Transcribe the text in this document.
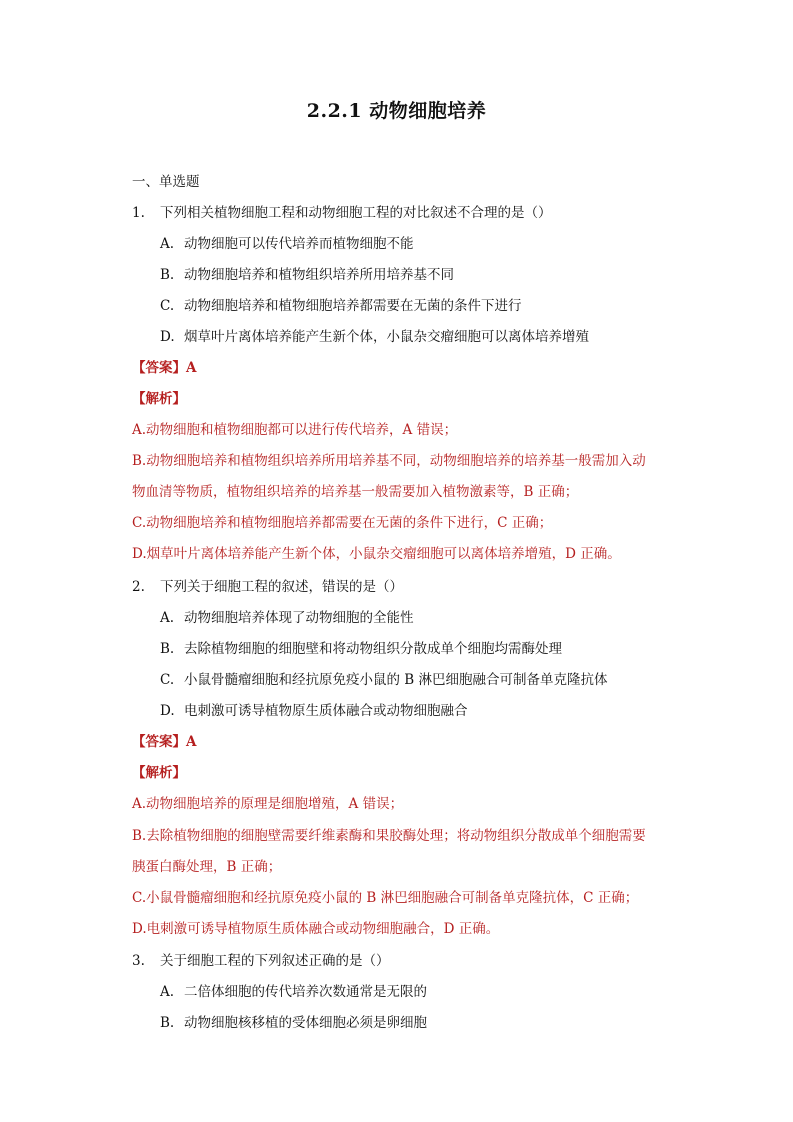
2.2.1 动物细胞培养
一、单选题
1. 下列相关植物细胞工程和动物细胞工程的对比叙述不合理的是（）
A. 动物细胞可以传代培养而植物细胞不能
B. 动物细胞培养和植物组织培养所用培养基不同
C. 动物细胞培养和植物细胞培养都需要在无菌的条件下进行
D. 烟草叶片离体培养能产生新个体，小鼠杂交瘤细胞可以离体培养增殖
【答案】A
【解析】
A.动物细胞和植物细胞都可以进行传代培养，A 错误；
B.动物细胞培养和植物组织培养所用培养基不同，动物细胞培养的培养基一般需加入动
物血清等物质，植物组织培养的培养基一般需要加入植物激素等，B 正确；
C.动物细胞培养和植物细胞培养都需要在无菌的条件下进行，C 正确；
D.烟草叶片离体培养能产生新个体，小鼠杂交瘤细胞可以离体培养增殖，D 正确。
2. 下列关于细胞工程的叙述，错误的是（）
A. 动物细胞培养体现了动物细胞的全能性
B. 去除植物细胞的细胞壁和将动物组织分散成单个细胞均需酶处理
C. 小鼠骨髓瘤细胞和经抗原免疫小鼠的 B 淋巴细胞融合可制备单克隆抗体
D. 电刺激可诱导植物原生质体融合或动物细胞融合
【答案】A
【解析】
A.动物细胞培养的原理是细胞增殖，A 错误；
B.去除植物细胞的细胞壁需要纤维素酶和果胶酶处理；将动物组织分散成单个细胞需要
胰蛋白酶处理，B 正确；
C.小鼠骨髓瘤细胞和经抗原免疫小鼠的 B 淋巴细胞融合可制备单克隆抗体，C 正确；
D.电刺激可诱导植物原生质体融合或动物细胞融合，D 正确。
3. 关于细胞工程的下列叙述正确的是（）
A. 二倍体细胞的传代培养次数通常是无限的
B. 动物细胞核移植的受体细胞必须是卵细胞
